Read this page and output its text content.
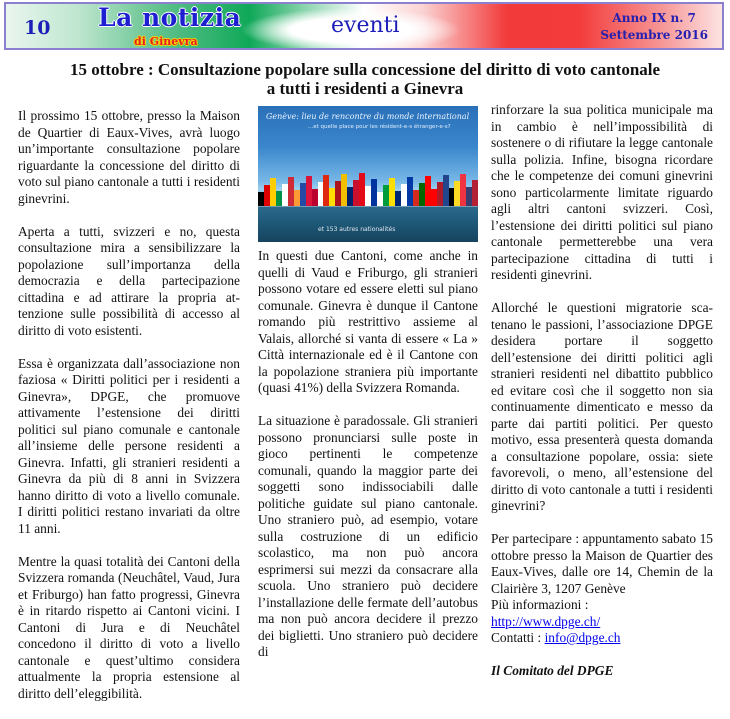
10 La notizia
di Ginevra
eventi	Anno IX n. 7
Settembre 2016
15 ottobre : Consultazione popolare sulla concessione del diritto di voto cantonale
a tutti i residenti a Ginevra

Il prossimo 15 ottobre, presso la Maison de Quartier di Eaux-Vives, avrà luogo un’importante consultazione popolare riguardante la concessione del diritto di voto sul piano cantonale a tutti i residenti ginevrini.

Aperta a tutti, svizzeri e no, questa consultazione mira a sensibilizzare la popolazione sull’importanza della democrazia e della partecipazione cittadina e ad attirare la propria attenzione sulle possibilità di accesso al diritto di voto esistenti.

Essa è organizzata dall’associazione non faziosa « Diritti politici per i residenti a Ginevra», DPGE, che promuove attivamente l’estensione dei diritti politici sul piano comunale e cantonale all’insieme delle persone residenti a Ginevra. Infatti, gli stranieri residenti a Ginevra da più di 8 anni in Svizzera hanno diritto di voto a livello comunale. I diritti politici restano invariati da oltre 11 anni.

Mentre la quasi totalità dei Cantoni della Svizzera romanda (Neuchâtel, Vaud, Jura et Friburgo) han fatto progressi, Ginevra è in ritardo rispetto ai Cantoni vicini. I Cantoni di Jura e di Neuchâtel concedono il diritto di voto a livello cantonale e quest’ultimo considera attualmente la propria estensione al diritto dell’eleggibilità.

Genève: lieu de rencontre du monde international
...et quelle place pour les résident-e-s étranger-e-s?
et 153 autres nationalités

In questi due Cantoni, come anche in quelli di Vaud e Friburgo, gli stranieri possono votare ed essere eletti sul piano comunale. Ginevra è dunque il Cantone romando più restrittivo assieme al Valais, allorché si vanta di essere « La » Città internazionale ed è il Cantone con la popolazione straniera più importante (quasi 41%) della Svizzera Romanda.

La situazione è paradossale. Gli stranieri possono pronunciarsi sulle poste in gioco pertinenti le competenze comunali, quando la maggior parte dei soggetti sono indissociabili dalle politiche guidate sul piano cantonale. Uno straniero può, ad esempio, votare sulla costruzione di un edificio scolastico, ma non può ancora esprimersi sui mezzi da consacrare alla scuola. Uno straniero può decidere l’installazione delle fermate dell’autobus ma non può ancora decidere il prezzo dei biglietti. Uno straniero può decidere di

rinforzare la sua politica municipale ma in cambio è nell’impossibilità di sostenere o di rifiutare la legge cantonale sulla polizia. Infine, bisogna ricordare che le competenze dei comuni ginevrini sono particolarmente limitate riguardo agli altri cantoni svizzeri. Così, l’estensione dei diritti politici sul piano cantonale permetterebbe una vera partecipazione cittadina di tutti i residenti ginevrini.

Allorché le questioni migratorie scatenano le passioni, l’associazione DPGE desidera portare il soggetto dell’estensione dei diritti politici agli stranieri residenti nel dibattito pubblico ed evitare così che il soggetto non sia continuamente dimenticato e messo da parte dai partiti politici. Per questo motivo, essa presenterà questa domanda a consultazione popolare, ossia: siete favorevoli, o meno, all’estensione del diritto di voto cantonale a tutti i residenti ginevrini?

Per partecipare : appuntamento sabato 15 ottobre presso la Maison de Quartier des Eaux-Vives, dalle ore 14, Chemin de la Clairière 3, 1207 Genève
Più informazioni :
http://www.dpge.ch/
Contatti : info@dpge.ch
Il Comitato del DPGE
